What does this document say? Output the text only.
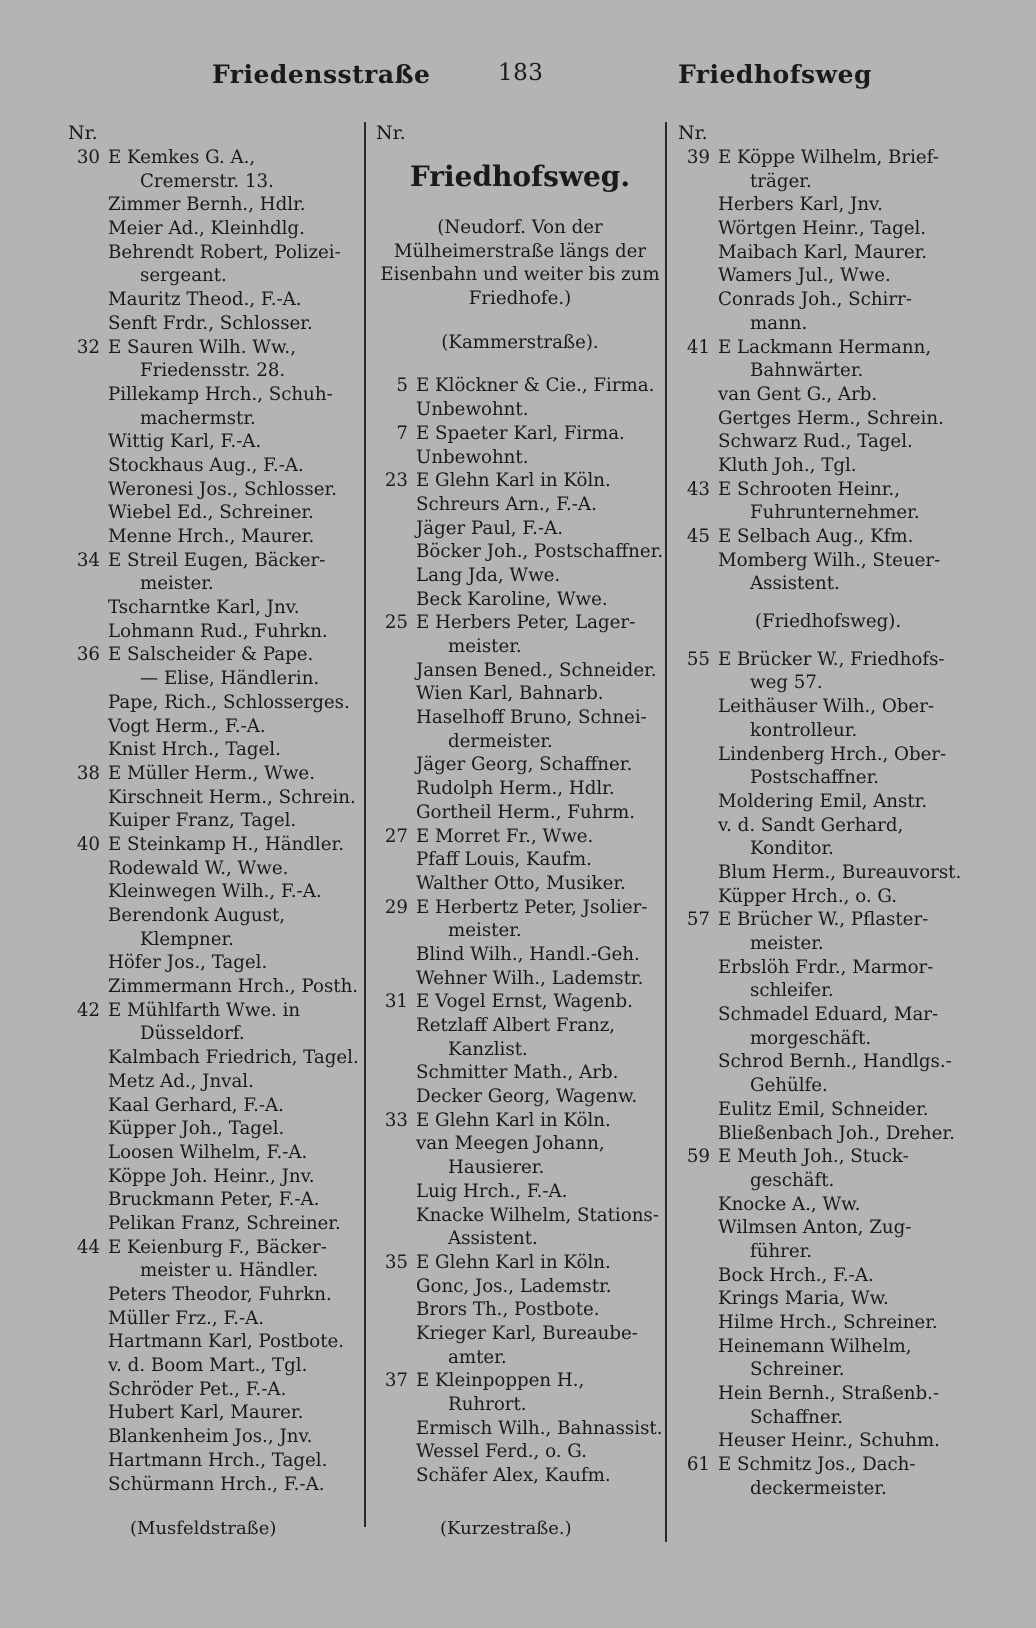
Friedensstraße	183	Friedhofsweg
Nr.
30 E Kemkes G. A.,
Cremerstr. 13.
Zimmer Bernh., Hdlr.
Meier Ad., Kleinhdlg.
Behrendt Robert, Polizei-
sergeant.
Mauritz Theod., F.-A.
Senft Frdr., Schlosser.
32 E Sauren Wilh. Ww.,
Friedensstr. 28.
Pillekamp Hrch., Schuh-
machermstr.
Wittig Karl, F.-A.
Stockhaus Aug., F.-A.
Weronesi Jos., Schlosser.
Wiebel Ed., Schreiner.
Menne Hrch., Maurer.
34 E Streil Eugen, Bäcker-
meister.
Tscharntke Karl, Jnv.
Lohmann Rud., Fuhrkn.
36 E Salscheider & Pape.
— Elise, Händlerin.
Pape, Rich., Schlosserges.
Vogt Herm., F.-A.
Knist Hrch., Tagel.
38 E Müller Herm., Wwe.
Kirschneit Herm., Schrein.
Kuiper Franz, Tagel.
40 E Steinkamp H., Händler.
Rodewald W., Wwe.
Kleinwegen Wilh., F.-A.
Berendonk August,
Klempner.
Höfer Jos., Tagel.
Zimmermann Hrch., Posth.
42 E Mühlfarth Wwe. in
Düsseldorf.
Kalmbach Friedrich, Tagel.
Metz Ad., Jnval.
Kaal Gerhard, F.-A.
Küpper Joh., Tagel.
Loosen Wilhelm, F.-A.
Köppe Joh. Heinr., Jnv.
Bruckmann Peter, F.-A.
Pelikan Franz, Schreiner.
44 E Keienburg F., Bäcker-
meister u. Händler.
Peters Theodor, Fuhrkn.
Müller Frz., F.-A.
Hartmann Karl, Postbote.
v. d. Boom Mart., Tgl.
Schröder Pet., F.-A.
Hubert Karl, Maurer.
Blankenheim Jos., Jnv.
Hartmann Hrch., Tagel.
Schürmann Hrch., F.-A.
Nr.
Friedhofsweg.
(Neudorf. Von der
Mülheimerstraße längs der
Eisenbahn und weiter bis zum
Friedhofe.)
(Kammerstraße).
5 E Klöckner & Cie., Firma.
Unbewohnt.
7 E Spaeter Karl, Firma.
Unbewohnt.
23 E Glehn Karl in Köln.
Schreurs Arn., F.-A.
Jäger Paul, F.-A.
Böcker Joh., Postschaffner.
Lang Jda, Wwe.
Beck Karoline, Wwe.
25 E Herbers Peter, Lager-
meister.
Jansen Bened., Schneider.
Wien Karl, Bahnarb.
Haselhoff Bruno, Schnei-
dermeister.
Jäger Georg, Schaffner.
Rudolph Herm., Hdlr.
Gortheil Herm., Fuhrm.
27 E Morret Fr., Wwe.
Pfaff Louis, Kaufm.
Walther Otto, Musiker.
29 E Herbertz Peter, Jsolier-
meister.
Blind Wilh., Handl.-Geh.
Wehner Wilh., Lademstr.
31 E Vogel Ernst, Wagenb.
Retzlaff Albert Franz,
Kanzlist.
Schmitter Math., Arb.
Decker Georg, Wagenw.
33 E Glehn Karl in Köln.
van Meegen Johann,
Hausierer.
Luig Hrch., F.-A.
Knacke Wilhelm, Stations-
Assistent.
35 E Glehn Karl in Köln.
Gonc, Jos., Lademstr.
Brors Th., Postbote.
Krieger Karl, Bureaube-
amter.
37 E Kleinpoppen H.,
Ruhrort.
Ermisch Wilh., Bahnassist.
Wessel Ferd., o. G.
Schäfer Alex, Kaufm.
Nr.
39 E Köppe Wilhelm, Brief-
träger.
Herbers Karl, Jnv.
Wörtgen Heinr., Tagel.
Maibach Karl, Maurer.
Wamers Jul., Wwe.
Conrads Joh., Schirr-
mann.
41 E Lackmann Hermann,
Bahnwärter.
van Gent G., Arb.
Gertges Herm., Schrein.
Schwarz Rud., Tagel.
Kluth Joh., Tgl.
43 E Schrooten Heinr.,
Fuhrunternehmer.
45 E Selbach Aug., Kfm.
Momberg Wilh., Steuer-
Assistent.
(Friedhofsweg).
55 E Brücker W., Friedhofs-
weg 57.
Leithäuser Wilh., Ober-
kontrolleur.
Lindenberg Hrch., Ober-
Postschaffner.
Moldering Emil, Anstr.
v. d. Sandt Gerhard,
Konditor.
Blum Herm., Bureauvorst.
Küpper Hrch., o. G.
57 E Brücher W., Pflaster-
meister.
Erbslöh Frdr., Marmor-
schleifer.
Schmadel Eduard, Mar-
morgeschäft.
Schrod Bernh., Handlgs.-
Gehülfe.
Eulitz Emil, Schneider.
Bließenbach Joh., Dreher.
59 E Meuth Joh., Stuck-
geschäft.
Knocke A., Ww.
Wilmsen Anton, Zug-
führer.
Bock Hrch., F.-A.
Krings Maria, Ww.
Hilme Hrch., Schreiner.
Heinemann Wilhelm,
Schreiner.
Hein Bernh., Straßenb.-
Schaffner.
Heuser Heinr., Schuhm.
61 E Schmitz Jos., Dach-
deckermeister.
(Musfeldstraße)	(Kurzestraße.)
